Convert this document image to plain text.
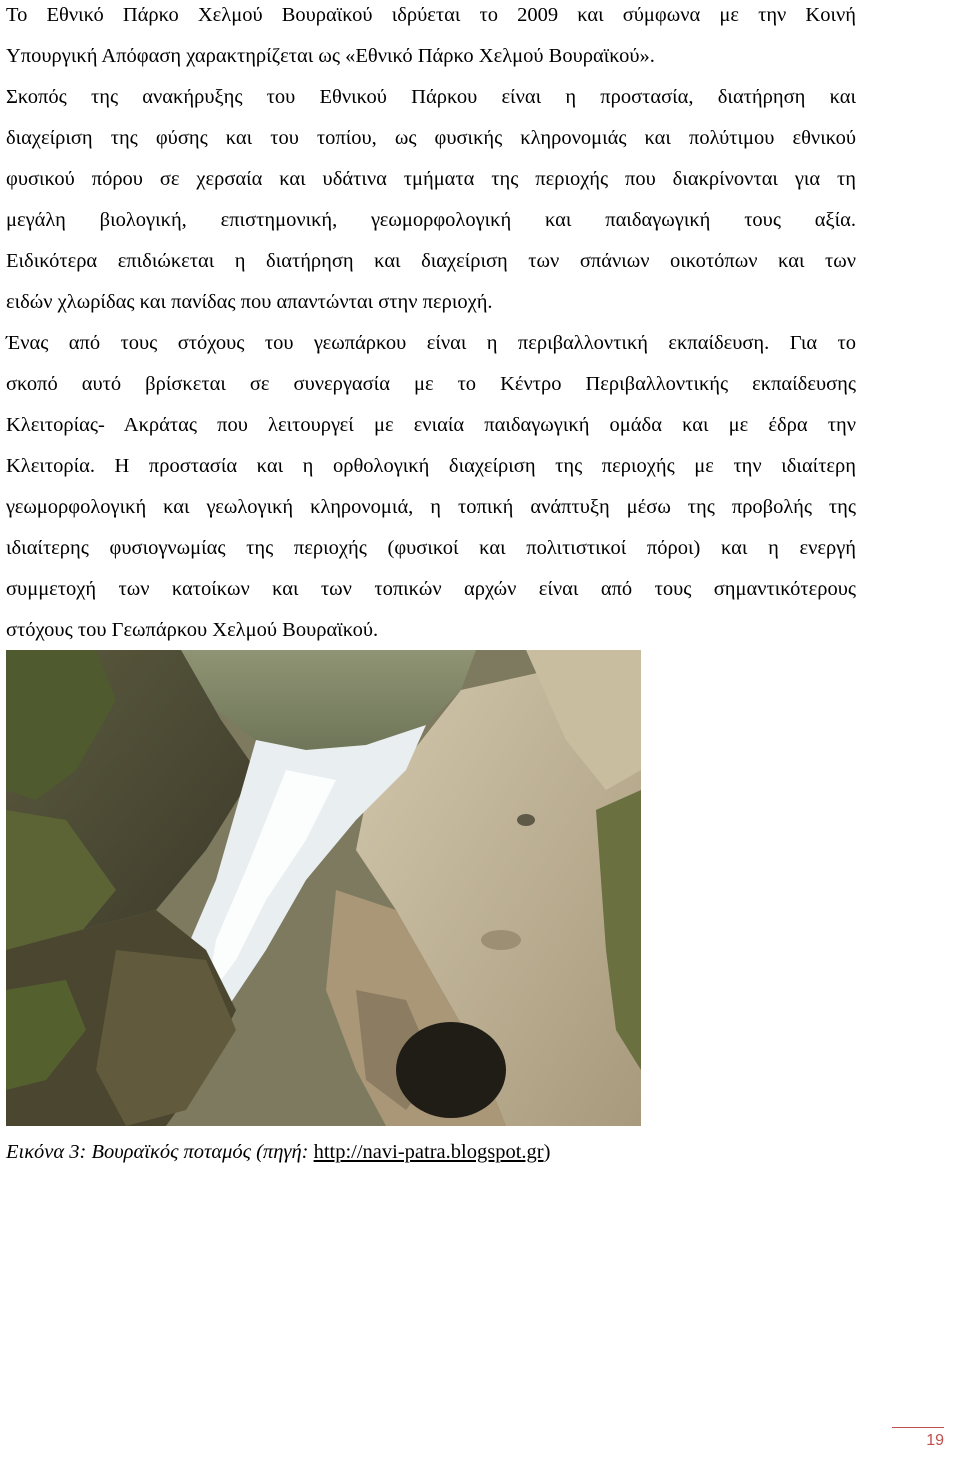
Το Εθνικό Πάρκο Χελμού Βουραϊκού ιδρύεται το 2009 και σύμφωνα με την Κοινή
Υπουργική Απόφαση χαρακτηρίζεται ως «Εθνικό Πάρκο Χελμού Βουραϊκού».
Σκοπός της ανακήρυξης του Εθνικού Πάρκου είναι η προστασία, διατήρηση και
διαχείριση της φύσης και του τοπίου, ως φυσικής κληρονομιάς και πολύτιμου εθνικού
φυσικού πόρου σε χερσαία και υδάτινα τμήματα της περιοχής που διακρίνονται για τη
μεγάλη βιολογική, επιστημονική, γεωμορφολογική και παιδαγωγική τους αξία.
Ειδικότερα επιδιώκεται η διατήρηση και διαχείριση των σπάνιων οικοτόπων και των
ειδών χλωρίδας και πανίδας που απαντώνται στην περιοχή.
Ένας από τους στόχους του γεωπάρκου είναι η περιβαλλοντική εκπαίδευση. Για το
σκοπό αυτό βρίσκεται σε συνεργασία με το Κέντρο Περιβαλλοντικής εκπαίδευσης
Κλειτορίας- Ακράτας που λειτουργεί με ενιαία παιδαγωγική ομάδα και με έδρα την
Κλειτορία. Η προστασία και η ορθολογική διαχείριση της περιοχής με την ιδιαίτερη
γεωμορφολογική και γεωλογική κληρονομιά, η τοπική ανάπτυξη μέσω της προβολής της
ιδιαίτερης φυσιογνωμίας της περιοχής (φυσικοί και πολιτιστικοί πόροι) και η ενεργή
συμμετοχή των κατοίκων και των τοπικών αρχών είναι από τους σημαντικότερους
στόχους του Γεωπάρκου Χελμού Βουραϊκού.
Εικόνα 3: Βουραϊκός ποταμός (πηγή: http://navi-patra.blogspot.gr)
19
